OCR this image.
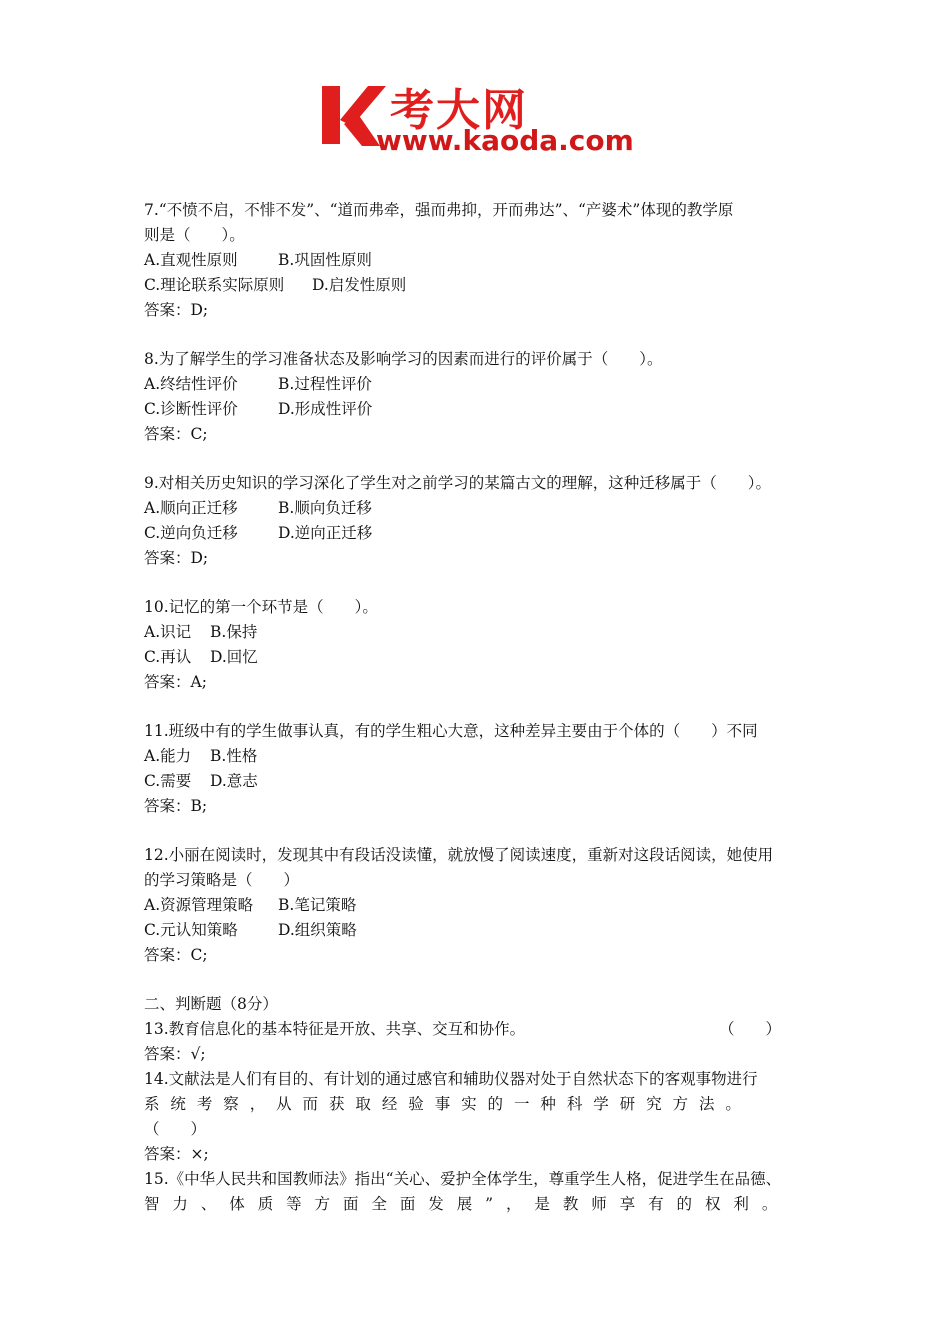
考大网
www.kaoda.com
7.“不愤不启，不悱不发”、“道而弗牵，强而弗抑，开而弗达”、“产婆术”体现的教学原
则是（　　）。
A.直观性原则	B.巩固性原则
C.理论联系实际原则 D.启发性原则
答案：D;
8.为了解学生的学习准备状态及影响学习的因素而进行的评价属于（　　）。
A.终结性评价	B.过程性评价
C.诊断性评价	D.形成性评价
答案：C;
9.对相关历史知识的学习深化了学生对之前学习的某篇古文的理解，这种迁移属于（　　）。
A.顺向正迁移	B.顺向负迁移
C.逆向负迁移	D.逆向正迁移
答案：D;
10.记忆的第一个环节是（　　）。
A.识记 B.保持
C.再认 D.回忆
答案：A;
11.班级中有的学生做事认真，有的学生粗心大意，这种差异主要由于个体的（　　）不同
A.能力 B.性格
C.需要 D.意志
答案：B;
12.小丽在阅读时，发现其中有段话没读懂，就放慢了阅读速度，重新对这段话阅读，她使用
的学习策略是（　　）
A.资源管理策略 B.笔记策略
C.元认知策略	D.组织策略
答案：C;
二、判断题（8分）
13.教育信息化的基本特征是开放、共享、交互和协作。	（　　）
答案：√;
14.文献法是人们有目的、有计划的通过感官和辅助仪器对处于自然状态下的客观事物进行
系 统 考 察 ， 从 而 获 取 经 验 事 实 的 一 种 科 学 研 究 方 法 。
（　　）
答案：×;
15.《中华人民共和国教师法》指出“关心、爱护全体学生，尊重学生人格，促进学生在品德、
智 力 、 体 质 等 方 面 全 面 发 展 ” ， 是 教 师 享 有 的 权 利 。
